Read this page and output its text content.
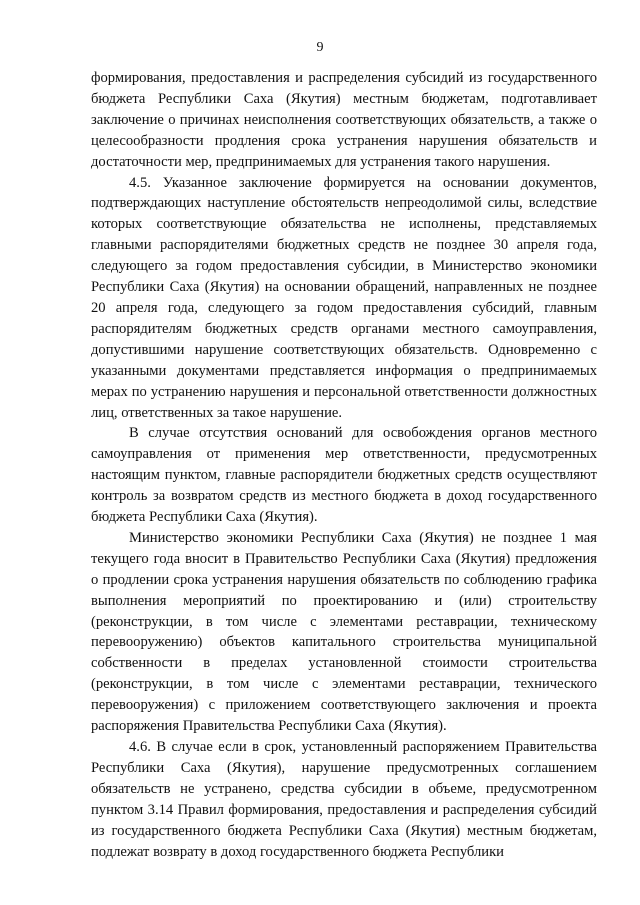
9

формирования, предоставления и распределения субсидий из государственного бюджета Республики Саха (Якутия) местным бюджетам, подготавливает заключение о причинах неисполнения соответствующих обязательств, а также о целесообразности продления срока устранения нарушения обязательств и достаточности мер, предпринимаемых для устранения такого нарушения.

4.5. Указанное заключение формируется на основании документов, подтверждающих наступление обстоятельств непреодолимой силы, вследствие которых соответствующие обязательства не исполнены, представляемых главными распорядителями бюджетных средств не позднее 30 апреля года, следующего за годом предоставления субсидии, в Министерство экономики Республики Саха (Якутия) на основании обращений, направленных не позднее 20 апреля года, следующего за годом предоставления субсидий, главным распорядителям бюджетных средств органами местного самоуправления, допустившими нарушение соответствующих обязательств. Одновременно с указанными документами представляется информация о предпринимаемых мерах по устранению нарушения и персональной ответственности должностных лиц, ответственных за такое нарушение.

В случае отсутствия оснований для освобождения органов местного самоуправления от применения мер ответственности, предусмотренных настоящим пунктом, главные распорядители бюджетных средств осуществляют контроль за возвратом средств из местного бюджета в доход государственного бюджета Республики Саха (Якутия).

Министерство экономики Республики Саха (Якутия) не позднее 1 мая текущего года вносит в Правительство Республики Саха (Якутия) предложения о продлении срока устранения нарушения обязательств по соблюдению графика выполнения мероприятий по проектированию и (или) строительству (реконструкции, в том числе с элементами реставрации, техническому перевооружению) объектов капитального строительства муниципальной собственности в пределах установленной стоимости строительства (реконструкции, в том числе с элементами реставрации, технического перевооружения) с приложением соответствующего заключения и проекта распоряжения Правительства Республики Саха (Якутия).

4.6. В случае если в срок, установленный распоряжением Правительства Республики Саха (Якутия), нарушение предусмотренных соглашением обязательств не устранено, средства субсидии в объеме, предусмотренном пунктом 3.14 Правил формирования, предоставления и распределения субсидий из государственного бюджета Республики Саха (Якутия) местным бюджетам, подлежат возврату в доход государственного бюджета Республики
